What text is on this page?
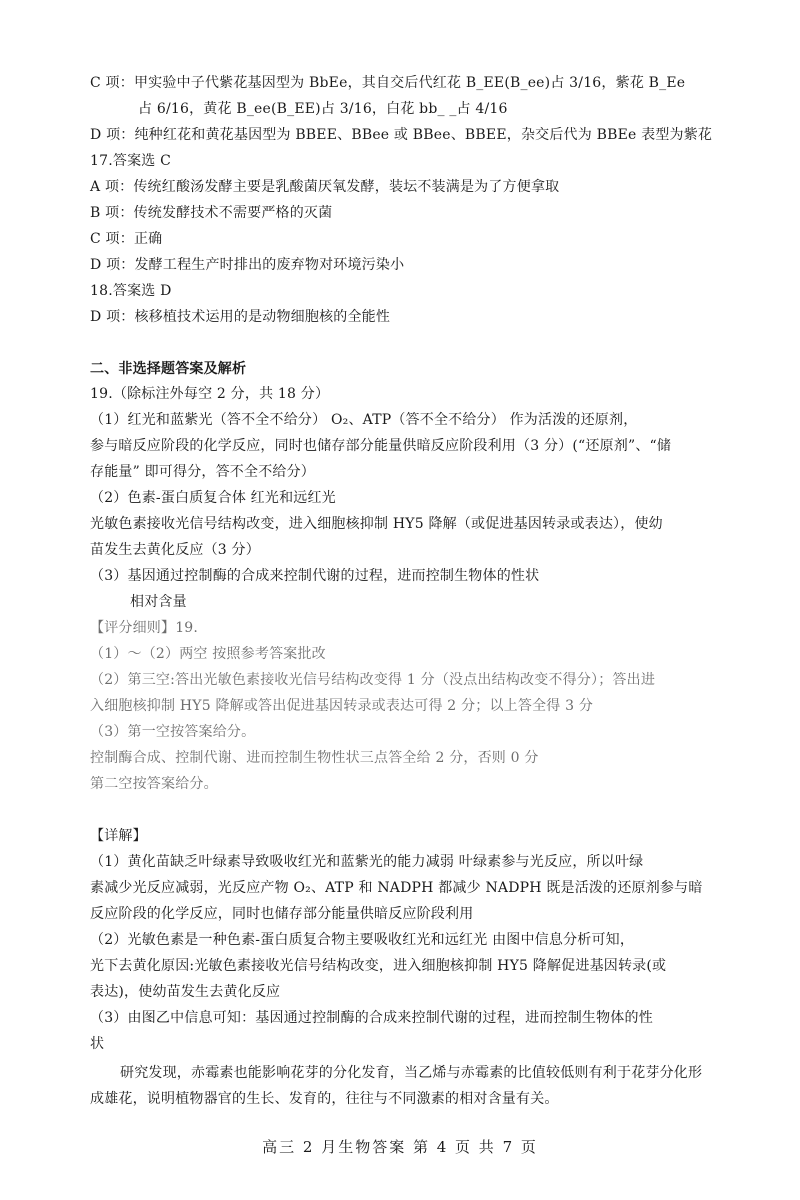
C 项：甲实验中子代紫花基因型为 BbEe，其自交后代红花 B_EE(B_ee)占 3/16，紫花 B_Ee
占 6/16，黄花 B_ee(B_EE)占 3/16，白花 bb_ _占 4/16
D 项：纯种红花和黄花基因型为 BBEE、BBee 或 BBee、BBEE，杂交后代为 BBEe 表型为紫花
17.答案选 C
A 项：传统红酸汤发酵主要是乳酸菌厌氧发酵，装坛不装满是为了方便拿取
B 项：传统发酵技术不需要严格的灭菌
C 项：正确
D 项：发酵工程生产时排出的废弃物对环境污染小
18.答案选 D
D 项：核移植技术运用的是动物细胞核的全能性
二、非选择题答案及解析
19.（除标注外每空 2 分，共 18 分）
（1）红光和蓝紫光（答不全不给分） O₂、ATP（答不全不给分） 作为活泼的还原剂，
参与暗反应阶段的化学反应，同时也储存部分能量供暗反应阶段利用（3 分）(“还原剂”、“储
存能量” 即可得分，答不全不给分）
（2）色素-蛋白质复合体 红光和远红光
光敏色素接收光信号结构改变，进入细胞核抑制 HY5 降解（或促进基因转录或表达），使幼
苗发生去黄化反应（3 分）
（3）基因通过控制酶的合成来控制代谢的过程，进而控制生物体的性状
相对含量
【评分细则】19.
（1）～（2）两空 按照参考答案批改
（2）第三空:答出光敏色素接收光信号结构改变得 1 分（没点出结构改变不得分）；答出进
入细胞核抑制 HY5 降解或答出促进基因转录或表达可得 2 分；以上答全得 3 分
（3）第一空按答案给分。
控制酶合成、控制代谢、进而控制生物性状三点答全给 2 分，否则 0 分
第二空按答案给分。
【详解】
（1）黄化苗缺乏叶绿素导致吸收红光和蓝紫光的能力减弱 叶绿素参与光反应，所以叶绿
素减少光反应减弱，光反应产物 O₂、ATP 和 NADPH 都减少 NADPH 既是活泼的还原剂参与暗
反应阶段的化学反应，同时也储存部分能量供暗反应阶段利用
（2）光敏色素是一种色素-蛋白质复合物主要吸收红光和远红光 由图中信息分析可知，
光下去黄化原因:光敏色素接收光信号结构改变，进入细胞核抑制 HY5 降解促进基因转录(或
表达)，使幼苗发生去黄化反应
（3）由图乙中信息可知：基因通过控制酶的合成来控制代谢的过程，进而控制生物体的性
状
研究发现，赤霉素也能影响花芽的分化发育，当乙烯与赤霉素的比值较低则有利于花芽分化形成雄花，说明植物器官的生长、发育的，往往与不同激素的相对含量有关。
高三 2 月生物答案 第 4 页 共 7 页
